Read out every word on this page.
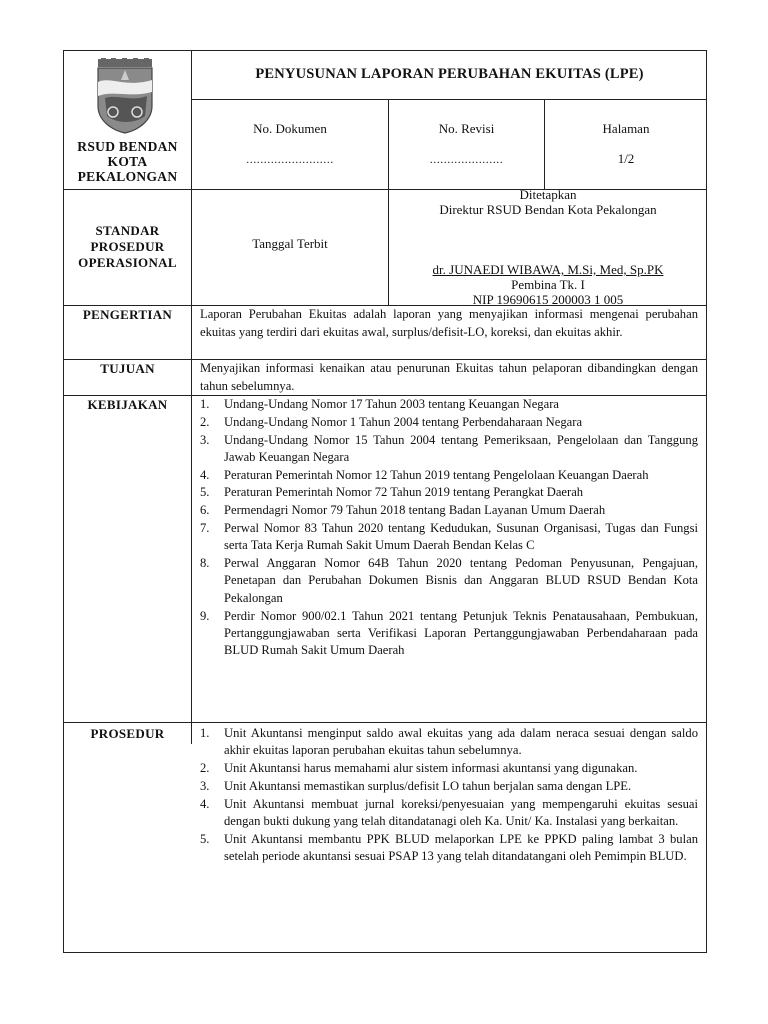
RSUD BENDAN KOTA PEKALONGAN
PENYUSUNAN LAPORAN PERUBAHAN EKUITAS (LPE)
No. Dokumen
.........................
No. Revisi
.....................
Halaman
1/2
STANDAR PROSEDUR OPERASIONAL
Tanggal Terbit
Ditetapkan
Direktur RSUD Bendan Kota Pekalongan
dr. JUNAEDI WIBAWA, M.Si, Med, Sp.PK
Pembina Tk. I
NIP 19690615 200003 1 005
PENGERTIAN	Laporan Perubahan Ekuitas adalah laporan yang menyajikan informasi mengenai perubahan ekuitas yang terdiri dari ekuitas awal, surplus/defisit-LO, koreksi, dan ekuitas akhir.
TUJUAN	Menyajikan informasi kenaikan atau penurunan Ekuitas tahun pelaporan dibandingkan dengan tahun sebelumnya.
KEBIJAKAN	1. Undang-Undang Nomor 17 Tahun 2003 tentang Keuangan Negara
2. Undang-Undang Nomor 1 Tahun 2004 tentang Perbendaharaan Negara
3. Undang-Undang Nomor 15 Tahun 2004 tentang Pemeriksaan, Pengelolaan dan Tanggung Jawab Keuangan Negara
4. Peraturan Pemerintah Nomor 12 Tahun 2019 tentang Pengelolaan Keuangan Daerah
5. Peraturan Pemerintah Nomor 72 Tahun 2019 tentang Perangkat Daerah
6. Permendagri Nomor 79 Tahun 2018 tentang Badan Layanan Umum Daerah
7. Perwal Nomor 83 Tahun 2020 tentang Kedudukan, Susunan Organisasi, Tugas dan Fungsi serta Tata Kerja Rumah Sakit Umum Daerah Bendan Kelas C
8. Perwal Anggaran Nomor 64B Tahun 2020 tentang Pedoman Penyusunan, Pengajuan, Penetapan dan Perubahan Dokumen Bisnis dan Anggaran BLUD RSUD Bendan Kota Pekalongan
9. Perdir Nomor 900/02.1 Tahun 2021 tentang Petunjuk Teknis Penatausahaan, Pembukuan, Pertanggungjawaban serta Verifikasi Laporan Pertanggungjawaban Perbendaharaan pada BLUD Rumah Sakit Umum Daerah
PROSEDUR	1. Unit Akuntansi menginput saldo awal ekuitas yang ada dalam neraca sesuai dengan saldo akhir ekuitas laporan perubahan ekuitas tahun sebelumnya.
2. Unit Akuntansi harus memahami alur sistem informasi akuntansi yang digunakan.
3. Unit Akuntansi memastikan surplus/defisit LO tahun berjalan sama dengan LPE.
4. Unit Akuntansi membuat jurnal koreksi/penyesuaian yang mempengaruhi ekuitas sesuai dengan bukti dukung yang telah ditandatanagi oleh Ka. Unit/ Ka. Instalasi yang berkaitan.
5. Unit Akuntansi membantu PPK BLUD melaporkan LPE ke PPKD paling lambat 3 bulan setelah periode akuntansi sesuai PSAP 13 yang telah ditandatangani oleh Pemimpin BLUD.
